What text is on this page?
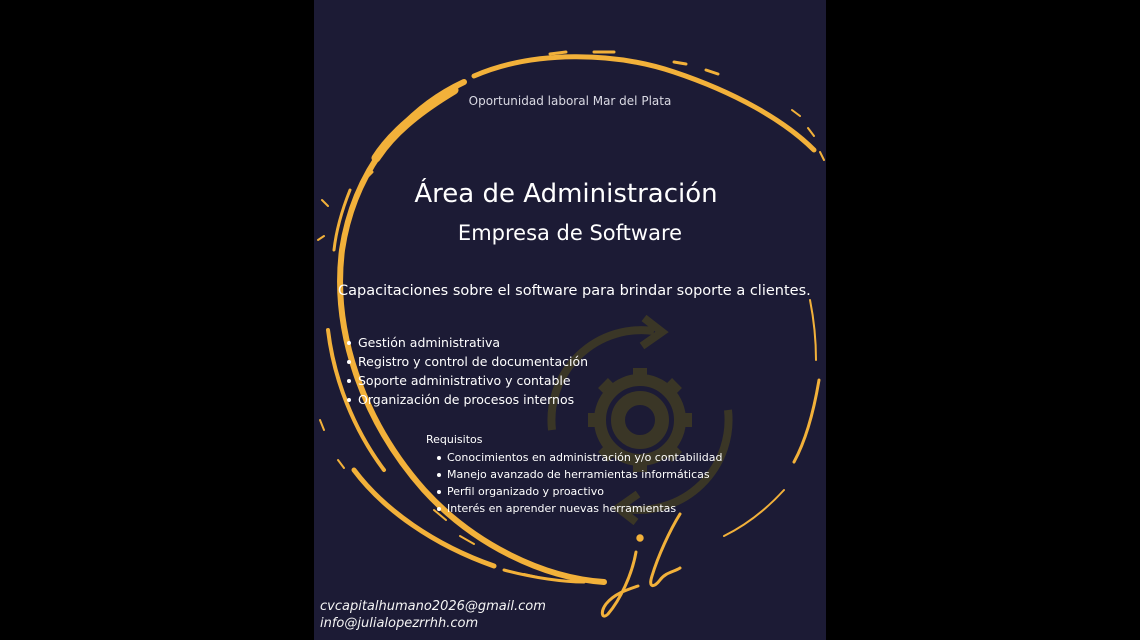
Oportunidad laboral Mar del Plata
Área de Administración
Empresa de Software
Capacitaciones sobre el software para brindar soporte a clientes.
Gestión administrativa
Registro y control de documentación
Soporte administrativo y contable
Organización de procesos internos
Requisitos
Conocimientos en administración y/o contabilidad
Manejo avanzado de herramientas informáticas
Perfil organizado y proactivo
Interés en aprender nuevas herramientas
cvcapitalhumano2026@gmail.com
info@julialopezrrhh.com
